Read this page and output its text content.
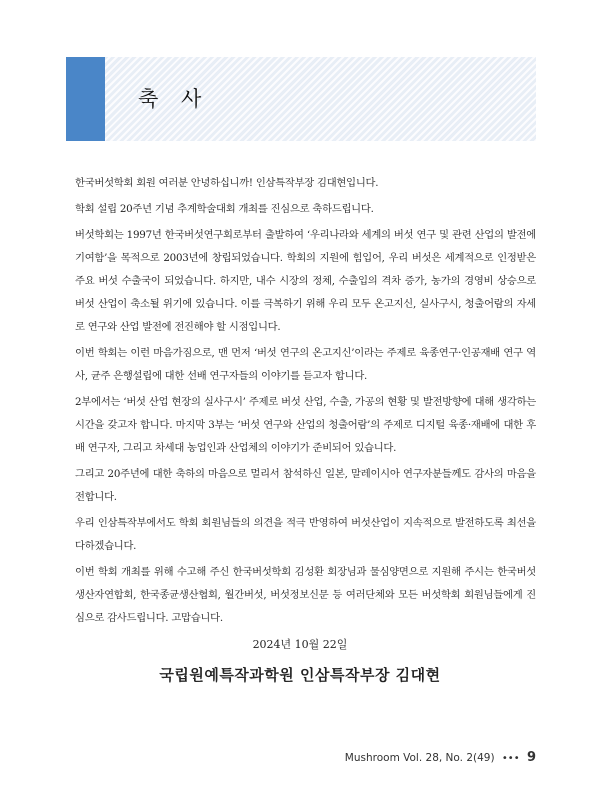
축 사

한국버섯학회 회원 여러분 안녕하십니까! 인삼특작부장 김대현입니다.

학회 설립 20주년 기념 추계학술대회 개최를 진심으로 축하드립니다.

버섯학회는 1997년 한국버섯연구회로부터 출발하여 ‘우리나라와 세계의 버섯 연구 및 관련 산업의 발전에 기여함’을 목적으로 2003년에 창립되었습니다. 학회의 지원에 힘입어, 우리 버섯은 세계적으로 인정받은 주요 버섯 수출국이 되었습니다. 하지만, 내수 시장의 정체, 수출입의 격차 증가, 농가의 경영비 상승으로 버섯 산업이 축소될 위기에 있습니다. 이를 극복하기 위해 우리 모두 온고지신, 실사구시, 청출어람의 자세로 연구와 산업 발전에 전진해야 할 시점입니다.

이번 학회는 이런 마음가짐으로, 맨 먼저 ‘버섯 연구의 온고지신’이라는 주제로 육종연구·인공재배 연구 역사, 균주 은행설립에 대한 선배 연구자들의 이야기를 듣고자 합니다.

2부에서는 ‘버섯 산업 현장의 실사구시’ 주제로 버섯 산업, 수출, 가공의 현황 및 발전방향에 대해 생각하는 시간을 갖고자 합니다. 마지막 3부는 ‘버섯 연구와 산업의 청출어람’의 주제로 디지털 육종·재배에 대한 후배 연구자, 그리고 차세대 농업인과 산업체의 이야기가 준비되어 있습니다.

그리고 20주년에 대한 축하의 마음으로 멀리서 참석하신 일본, 말레이시아 연구자분들께도 감사의 마음을 전합니다.

우리 인삼특작부에서도 학회 회원님들의 의견을 적극 반영하여 버섯산업이 지속적으로 발전하도록 최선을 다하겠습니다.

이번 학회 개최를 위해 수고해 주신 한국버섯학회 김성환 회장님과 물심양면으로 지원해 주시는 한국버섯생산자연합회, 한국종균생산협회, 월간버섯, 버섯정보신문 등 여러단체와 모든 버섯학회 회원님들에게 진심으로 감사드립니다. 고맙습니다.

2024년 10월 22일
국립원예특작과학원 인삼특작부장 김대현
Mushroom Vol. 28, No. 2(49) ••• 9
